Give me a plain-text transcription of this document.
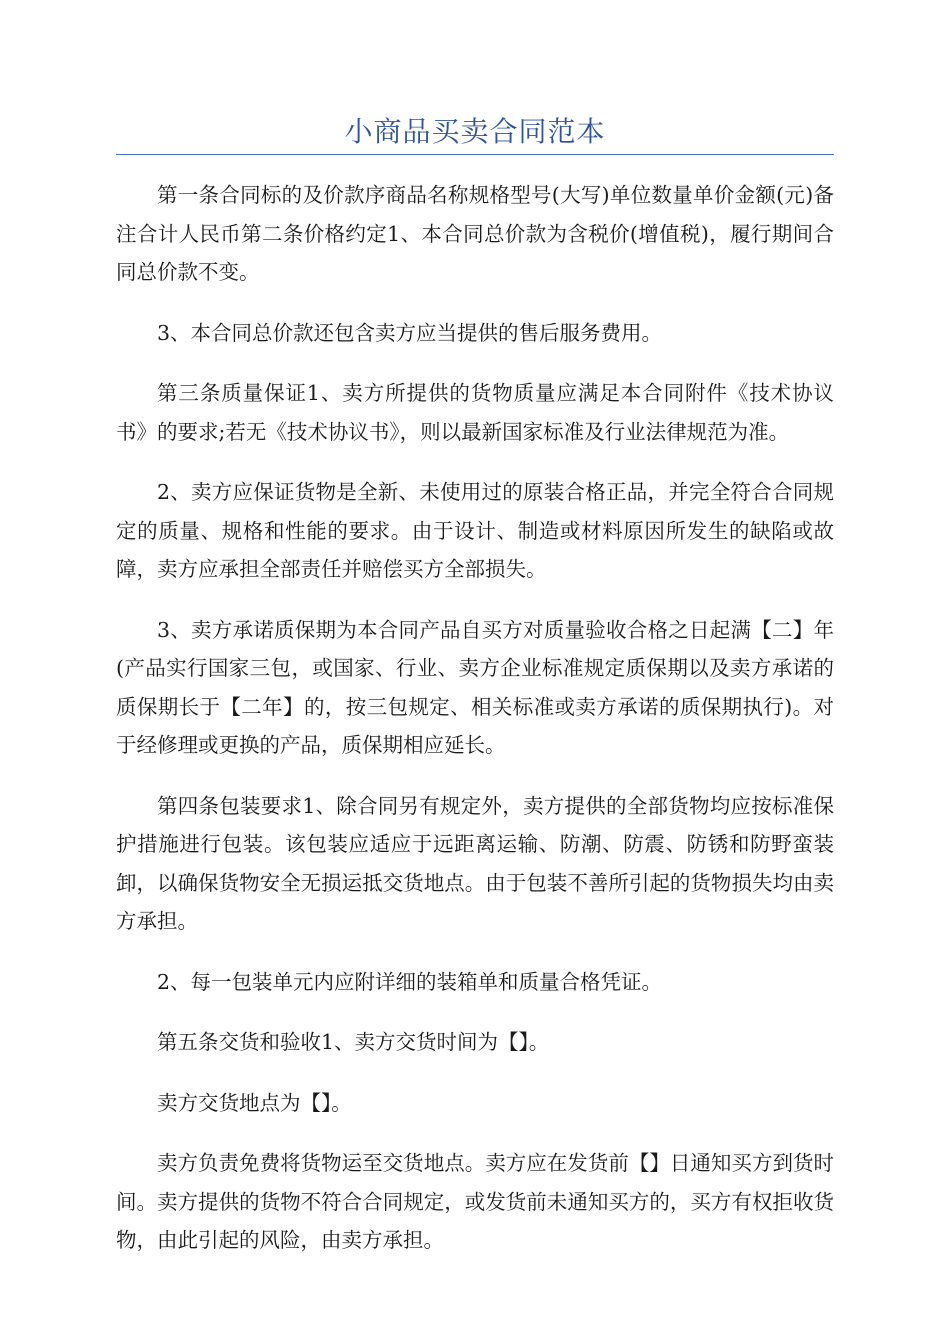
小商品买卖合同范本

第一条合同标的及价款序商品名称规格型号(大写)单位数量单价金额(元)备注合计人民币第二条价格约定1、本合同总价款为含税价(增值税)，履行期间合同总价款不变。

3、本合同总价款还包含卖方应当提供的售后服务费用。

第三条质量保证1、卖方所提供的货物质量应满足本合同附件《技术协议书》的要求;若无《技术协议书》，则以最新国家标准及行业法律规范为准。

2、卖方应保证货物是全新、未使用过的原装合格正品，并完全符合合同规定的质量、规格和性能的要求。由于设计、制造或材料原因所发生的缺陷或故障，卖方应承担全部责任并赔偿买方全部损失。

3、卖方承诺质保期为本合同产品自买方对质量验收合格之日起满【二】年(产品实行国家三包，或国家、行业、卖方企业标准规定质保期以及卖方承诺的质保期长于【二年】的，按三包规定、相关标准或卖方承诺的质保期执行)。对于经修理或更换的产品，质保期相应延长。

第四条包装要求1、除合同另有规定外，卖方提供的全部货物均应按标准保护措施进行包装。该包装应适应于远距离运输、防潮、防震、防锈和防野蛮装卸，以确保货物安全无损运抵交货地点。由于包装不善所引起的货物损失均由卖方承担。

2、每一包装单元内应附详细的装箱单和质量合格凭证。

第五条交货和验收1、卖方交货时间为【】。

卖方交货地点为【】。

卖方负责免费将货物运至交货地点。卖方应在发货前【】日通知买方到货时间。卖方提供的货物不符合合同规定，或发货前未通知买方的，买方有权拒收货物，由此引起的风险，由卖方承担。
